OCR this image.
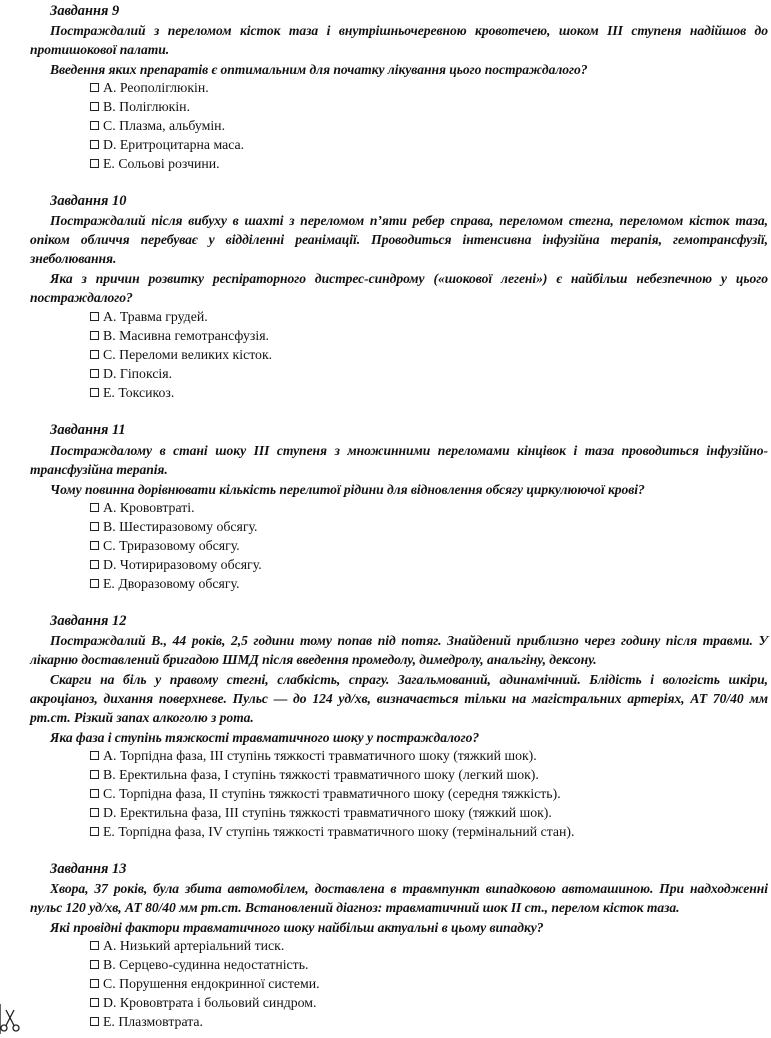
Завдання 9
Постраждалий з переломом кісток таза і внутрішньочеревною кровотечею, шоком III ступеня надійшов до протишокової палати.
Введення яких препаратів є оптимальним для початку лікування цього постраждалого?
А. Реополіглюкін.
В. Поліглюкін.
С. Плазма, альбумін.
D. Еритроцитарна маса.
Е. Сольові розчини.
Завдання 10
Постраждалий після вибуху в шахті з переломом п’яти ребер справа, переломом стегна, переломом кісток таза, опіком обличчя перебуває у відділенні реанімації. Проводиться інтенсивна інфузійна терапія, гемотрансфузії, знеболювання.
Яка з причин розвитку респіраторного дистрес-синдрому («шокової легені») є найбільш небезпечною у цього постраждалого?
А. Травма грудей.
В. Масивна гемотрансфузія.
С. Переломи великих кісток.
D. Гіпоксія.
Е. Токсикоз.
Завдання 11
Постраждалому в стані шоку III ступеня з множинними переломами кінцівок і таза проводиться інфузійно-трансфузійна терапія.
Чому повинна дорівнювати кількість перелитої рідини для відновлення обсягу циркулюючої крові?
А. Крововтраті.
В. Шестиразовому обсягу.
С. Триразовому обсягу.
D. Чотириразовому обсягу.
Е. Дворазовому обсягу.
Завдання 12
Постраждалий В., 44 років, 2,5 години тому попав під потяг. Знайдений приблизно через годину після травми. У лікарню доставлений бригадою ШМД після введення промедолу, димедролу, анальгіну, дексону.
Скарги на біль у правому стегні, слабкість, спрагу. Загальмований, адинамічний. Блідість і вологість шкіри, акроціаноз, дихання поверхневе. Пульс — до 124 уд/хв, визначається тільки на магістральних артеріях, АТ 70/40 мм рт.ст. Різкий запах алкоголю з рота.
Яка фаза і ступінь тяжкості травматичного шоку у постраждалого?
А. Торпідна фаза, III ступінь тяжкості травматичного шоку (тяжкий шок).
В. Еректильна фаза, I ступінь тяжкості травматичного шоку (легкий шок).
С. Торпідна фаза, II ступінь тяжкості травматичного шоку (середня тяжкість).
D. Еректильна фаза, III ступінь тяжкості травматичного шоку (тяжкий шок).
Е. Торпідна фаза, IV ступінь тяжкості травматичного шоку (термінальний стан).
Завдання 13
Хвора, 37 років, була збита автомобілем, доставлена в травмпункт випадковою автомашиною. При надходженні пульс 120 уд/хв, АТ 80/40 мм рт.ст. Встановлений діагноз: травматичний шок II ст., перелом кісток таза.
Які провідні фактори травматичного шоку найбільш актуальні в цьому випадку?
А. Низький артеріальний тиск.
В. Серцево-судинна недостатність.
С. Порушення ендокринної системи.
D. Крововтрата і больовий синдром.
Е. Плазмовтрата.
